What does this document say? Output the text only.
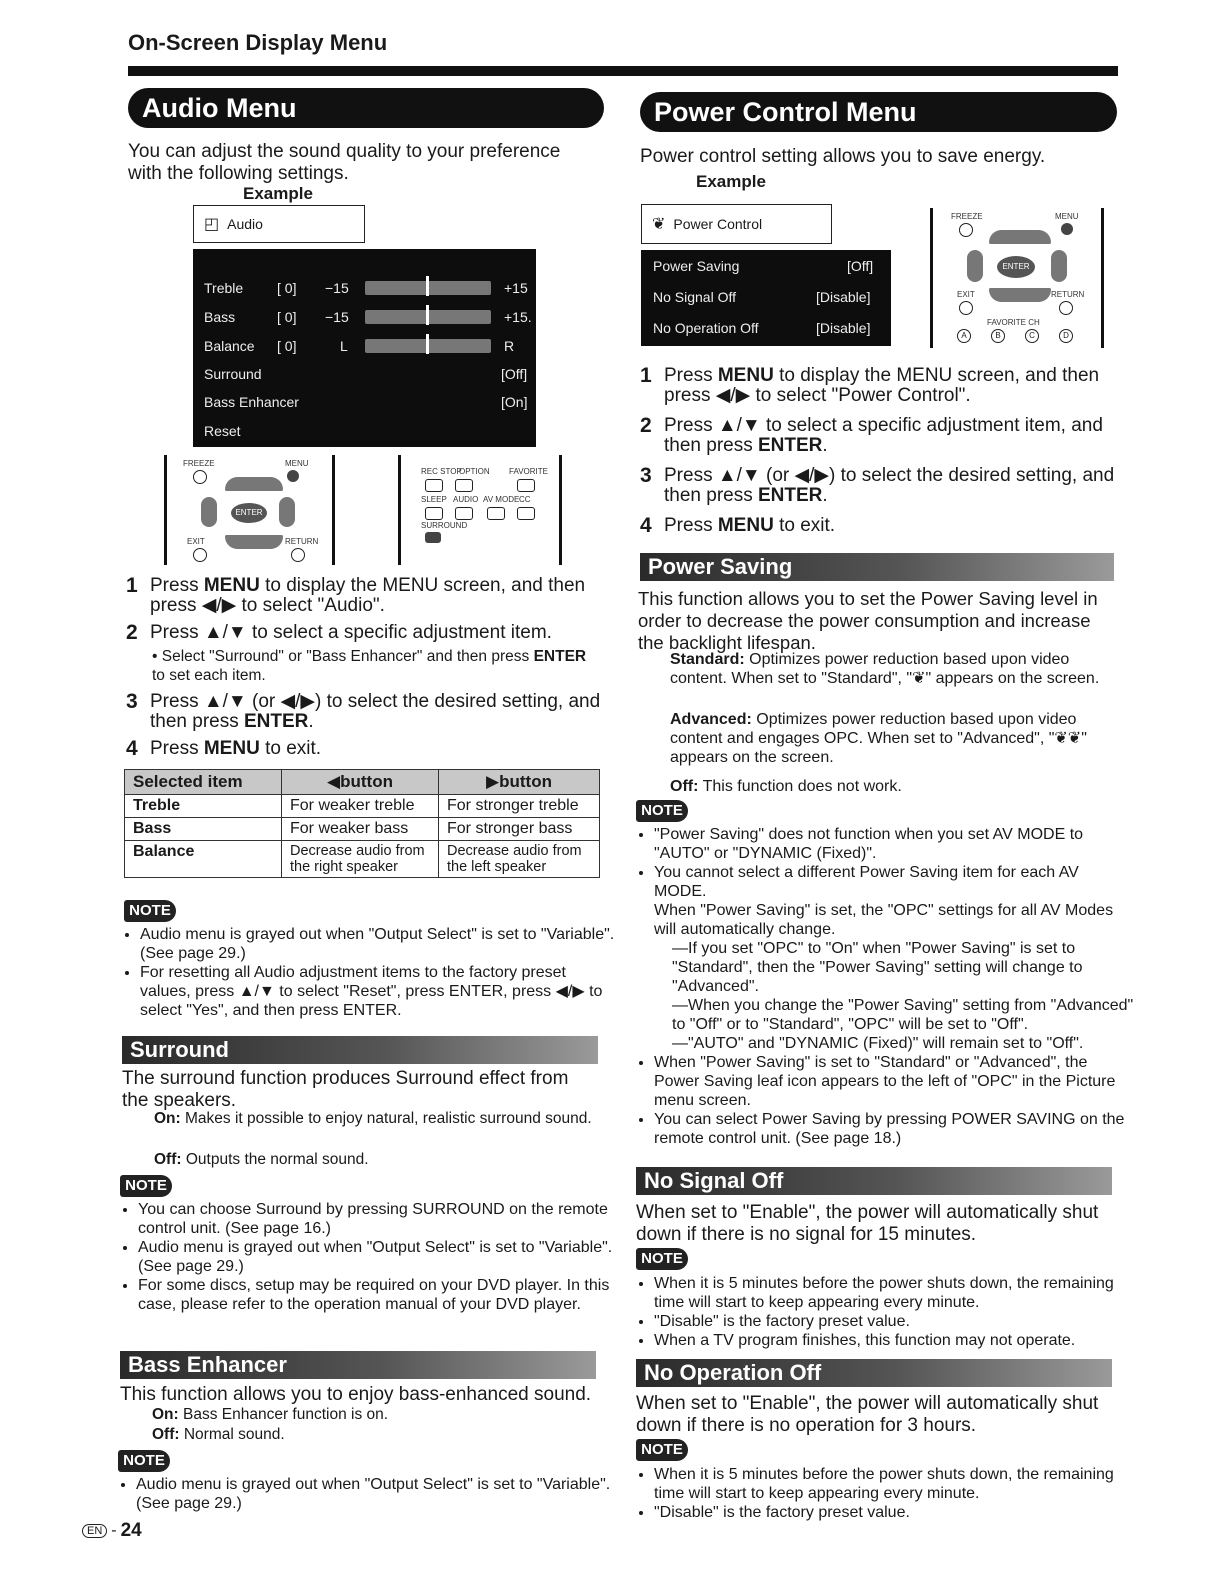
On-Screen Display Menu
Audio Menu
You can adjust the sound quality to your preference with the following settings.
Example
◰ Audio
Treble [ 0] −15	+15
Bass	[ 0] −15	+15.
Balance [ 0]	L	R
Surround	[Off]
Bass Enhancer	[On]
Reset
FREEZE	MENU
ENTER
EXIT	RETURN
REC STOP
OPTION FAVORITE
SLEEP AUDIO AV MODE CC
SURROUND
1 Press MENU to display the MENU screen, and then press ◀/▶ to select "Audio".
2 Press ▲/▼ to select a specific adjustment item.
• Select "Surround" or "Bass Enhancer" and then press ENTER to set each item.
3 Press ▲/▼ (or ◀/▶) to select the desired setting, and then press ENTER.
4 Press MENU to exit.
Selected item	◀button	▶button
Treble	For weaker treble	For stronger treble
Bass	For weaker bass	For stronger bass
Balance	Decrease audio from the right speaker	Decrease audio from the left speaker
NOTE
• Audio menu is grayed out when "Output Select" is set to "Variable". (See page 29.)
• For resetting all Audio adjustment items to the factory preset values, press ▲/▼ to select "Reset", press ENTER, press ◀/▶ to select "Yes", and then press ENTER.
Surround
The surround function produces Surround effect from the speakers.
On: Makes it possible to enjoy natural, realistic surround sound.
Off: Outputs the normal sound.
NOTE
• You can choose Surround by pressing SURROUND on the remote control unit. (See page 16.)
• Audio menu is grayed out when "Output Select" is set to "Variable". (See page 29.)
• For some discs, setup may be required on your DVD player. In this case, please refer to the operation manual of your DVD player.
Bass Enhancer
This function allows you to enjoy bass-enhanced sound.
On: Bass Enhancer function is on.
Off: Normal sound.
NOTE
• Audio menu is grayed out when "Output Select" is set to "Variable". (See page 29.)
EN - 24
Power Control Menu
Power control setting allows you to save energy.
Example
❦ Power Control
Power Saving	[Off]
No Signal Off	[Disable]
No Operation Off	[Disable]
FREEZE	MENU
ENTER
EXIT	RETURN
FAVORITE CH
A	B	C	D
1 Press MENU to display the MENU screen, and then press ◀/▶ to select "Power Control".
2 Press ▲/▼ to select a specific adjustment item, and then press ENTER.
3 Press ▲/▼ (or ◀/▶) to select the desired setting, and then press ENTER.
4 Press MENU to exit.
Power Saving
This function allows you to set the Power Saving level in order to decrease the power consumption and increase the backlight lifespan.
Standard: Optimizes power reduction based upon video content. When set to "Standard", "❦" appears on the screen.
Advanced: Optimizes power reduction based upon video content and engages OPC. When set to "Advanced", "❦❦" appears on the screen.
Off: This function does not work.
NOTE
• "Power Saving" does not function when you set AV MODE to "AUTO" or "DYNAMIC (Fixed)".
• You cannot select a different Power Saving item for each AV MODE.
When "Power Saving" is set, the "OPC" settings for all AV Modes will automatically change.
—If you set "OPC" to "On" when "Power Saving" is set to "Standard", then the "Power Saving" setting will change to "Advanced".
—When you change the "Power Saving" setting from "Advanced" to "Off" or to "Standard", "OPC" will be set to "Off".
—"AUTO" and "DYNAMIC (Fixed)" will remain set to "Off".
• When "Power Saving" is set to "Standard" or "Advanced", the Power Saving leaf icon appears to the left of "OPC" in the Picture menu screen.
• You can select Power Saving by pressing POWER SAVING on the remote control unit. (See page 18.)
No Signal Off
When set to "Enable", the power will automatically shut down if there is no signal for 15 minutes.
NOTE
• When it is 5 minutes before the power shuts down, the remaining time will start to keep appearing every minute.
• "Disable" is the factory preset value.
• When a TV program finishes, this function may not operate.
No Operation Off
When set to "Enable", the power will automatically shut down if there is no operation for 3 hours.
NOTE
• When it is 5 minutes before the power shuts down, the remaining time will start to keep appearing every minute.
• "Disable" is the factory preset value.
